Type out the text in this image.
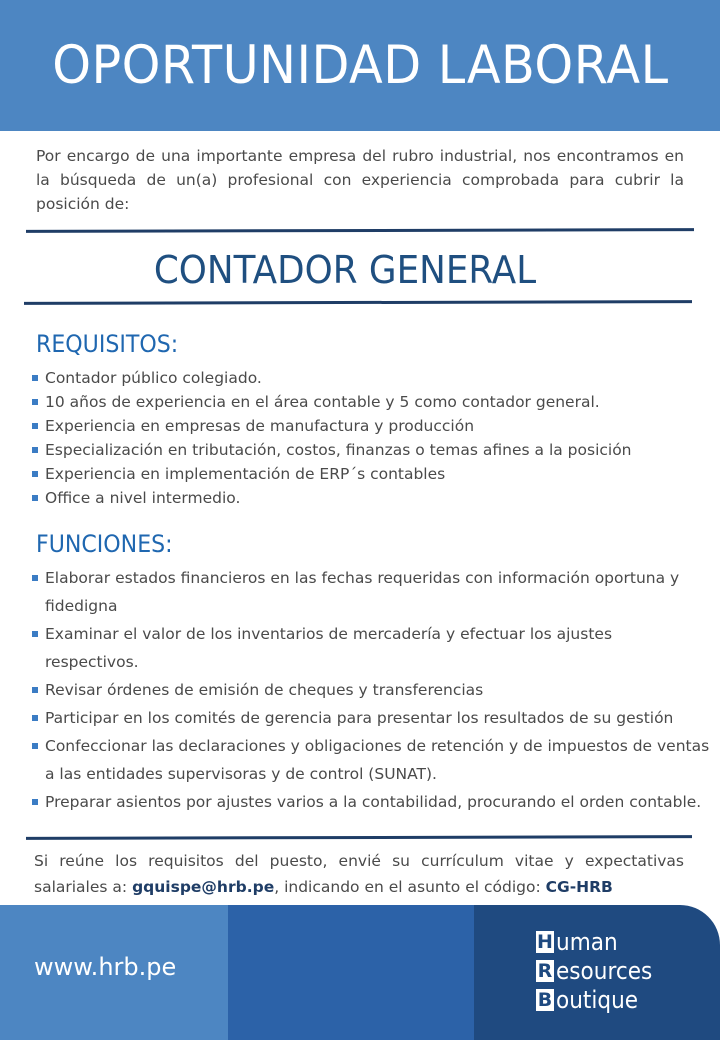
OPORTUNIDAD LABORAL
Por encargo de una importante empresa del rubro industrial, nos encontramos en la búsqueda de un(a) profesional con experiencia comprobada para cubrir la posición de:
CONTADOR GENERAL
REQUISITOS:
Contador público colegiado.
10 años de experiencia en el área contable y 5 como contador general.
Experiencia en empresas de manufactura y producción
Especialización en tributación, costos, finanzas o temas afines a la posición
Experiencia en implementación de ERP´s contables
Office a nivel intermedio.
FUNCIONES:
Elaborar estados financieros en las fechas requeridas con información oportuna y fidedigna
Examinar el valor de los inventarios de mercadería y efectuar los ajustes respectivos.
Revisar órdenes de emisión de cheques y transferencias
Participar en los comités de gerencia para presentar los resultados de su gestión
Confeccionar las declaraciones y obligaciones de retención y de impuestos de ventas a las entidades supervisoras y de control (SUNAT).
Preparar asientos por ajustes varios a la contabilidad, procurando el orden contable.
Si reúne los requisitos del puesto, envié su currículum vitae y expectativas salariales a: gquispe@hrb.pe, indicando en el asunto el código: CG-HRB
www.hrb.pe
H uman
R esources
B outique
